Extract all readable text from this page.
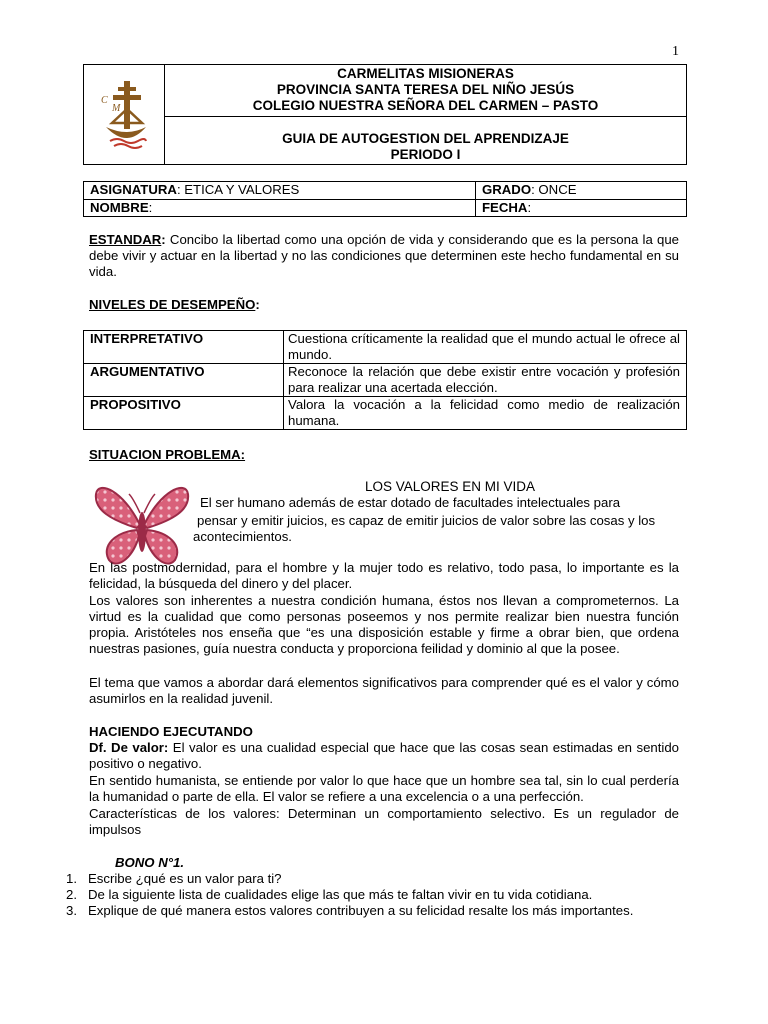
1
C
M
CARMELITAS MISIONERAS
PROVINCIA SANTA TERESA DEL NIÑO JESÚS
COLEGIO NUESTRA SEÑORA DEL CARMEN – PASTO
GUIA DE AUTOGESTION DEL APRENDIZAJE
PERIODO I
ASIGNATURA: ETICA Y VALORES	GRADO: ONCE
NOMBRE:	FECHA:
ESTANDAR: Concibo la libertad como una opción de vida y considerando que es la persona la que debe vivir y actuar en la libertad y no las condiciones que determinen este hecho fundamental en su vida.
NIVELES DE DESEMPEÑO:
INTERPRETATIVO	Cuestiona críticamente la realidad que el mundo actual le ofrece al mundo.
ARGUMENTATIVO	Reconoce la relación que debe existir entre vocación y profesión para realizar una acertada elección.
PROPOSITIVO	Valora la vocación a la felicidad como medio de realización humana.
SITUACION PROBLEMA:
LOS VALORES EN MI VIDA
El ser humano además de estar dotado de facultades intelectuales para
pensar y emitir juicios, es capaz de emitir juicios de valor sobre las cosas y los
acontecimientos.
En las postmodernidad, para el hombre y la mujer todo es relativo, todo pasa, lo importante es la felicidad, la búsqueda del dinero y del placer.
Los valores son inherentes a nuestra condición humana, éstos nos llevan a comprometernos. La virtud es la cualidad que como personas poseemos y nos permite realizar bien nuestra función propia. Aristóteles nos enseña que “es una disposición estable y firme a obrar bien, que ordena nuestras pasiones, guía nuestra conducta y proporciona feilidad y dominio al que la posee.
El tema que vamos a abordar dará elementos significativos para comprender qué es el valor y cómo asumirlos en la realidad juvenil.
HACIENDO EJECUTANDO
Df. De valor: El valor es una cualidad especial que hace que las cosas sean estimadas en sentido positivo o negativo.
En sentido humanista, se entiende por valor lo que hace que un hombre sea tal, sin lo cual perdería la humanidad o parte de ella. El valor se refiere a una excelencia o a una perfección.
Características de los valores: Determinan un comportamiento selectivo. Es un regulador de impulsos
BONO N°1.
1. Escribe ¿qué es un valor para ti?
2. De la siguiente lista de cualidades elige las que más te faltan vivir en tu vida cotidiana.
3. Explique de qué manera estos valores contribuyen a su felicidad resalte los más importantes.
